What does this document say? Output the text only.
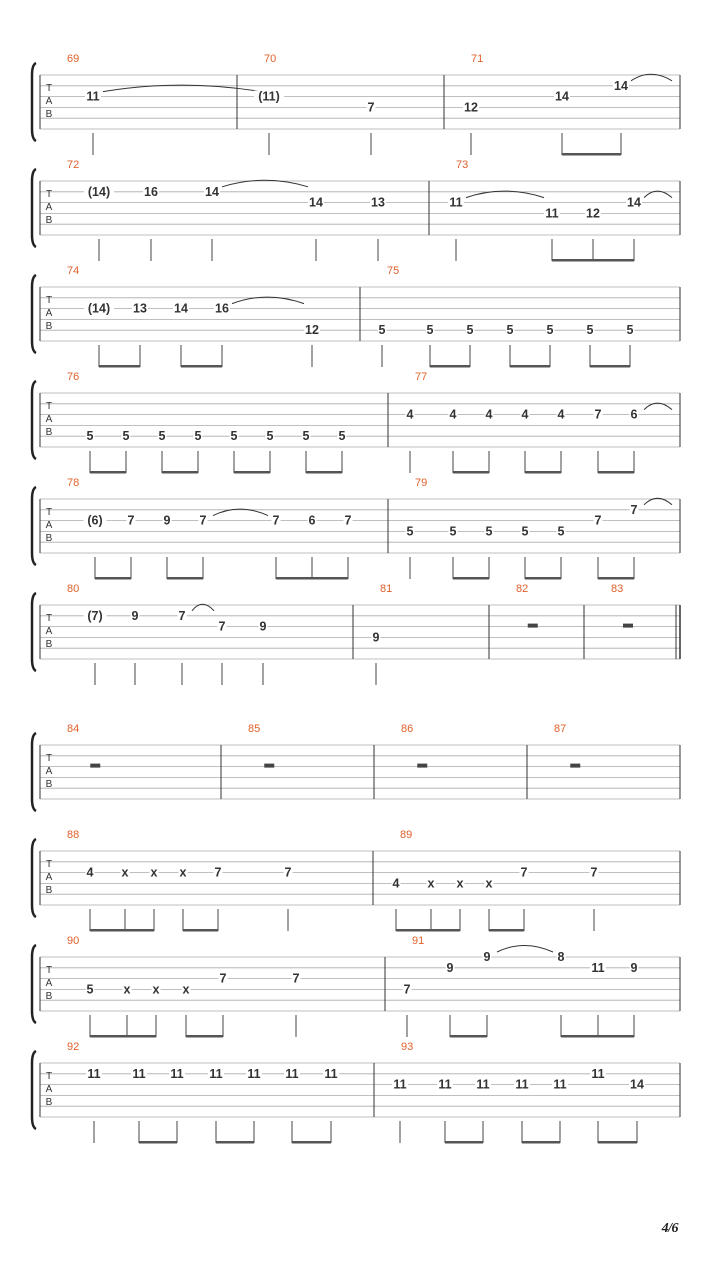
T
A
B
69
11	(11)
7
70	71
12
14
14
T
A
B
72
(14)	16	14
14	13
73
11
11 12
14
T
A
B
74
(14) 13 14 16
12
75
5	5	5	5	5	5	5
T
A
B
76
5 5 5 5 5 5 5 5
77
4	4 4 4 4 7 6
T
A
B
78
(6) 7 9 7	7 6 7
79
5	5 5 5 5
7
7
T
A
B
80
(7) 9	7
7	9
81
9
82	83
T
A
B
84	85	86	87
T
A
B
88
4 x x x 7	7
89
4 x x x
7	7
T
A
B
90
5 x x x
7	7
91
7
9
9	8
11 9
T
A
B
92
11	11 11 11 11 11 11
93
11	11 11 11 11
11
14
4/6
